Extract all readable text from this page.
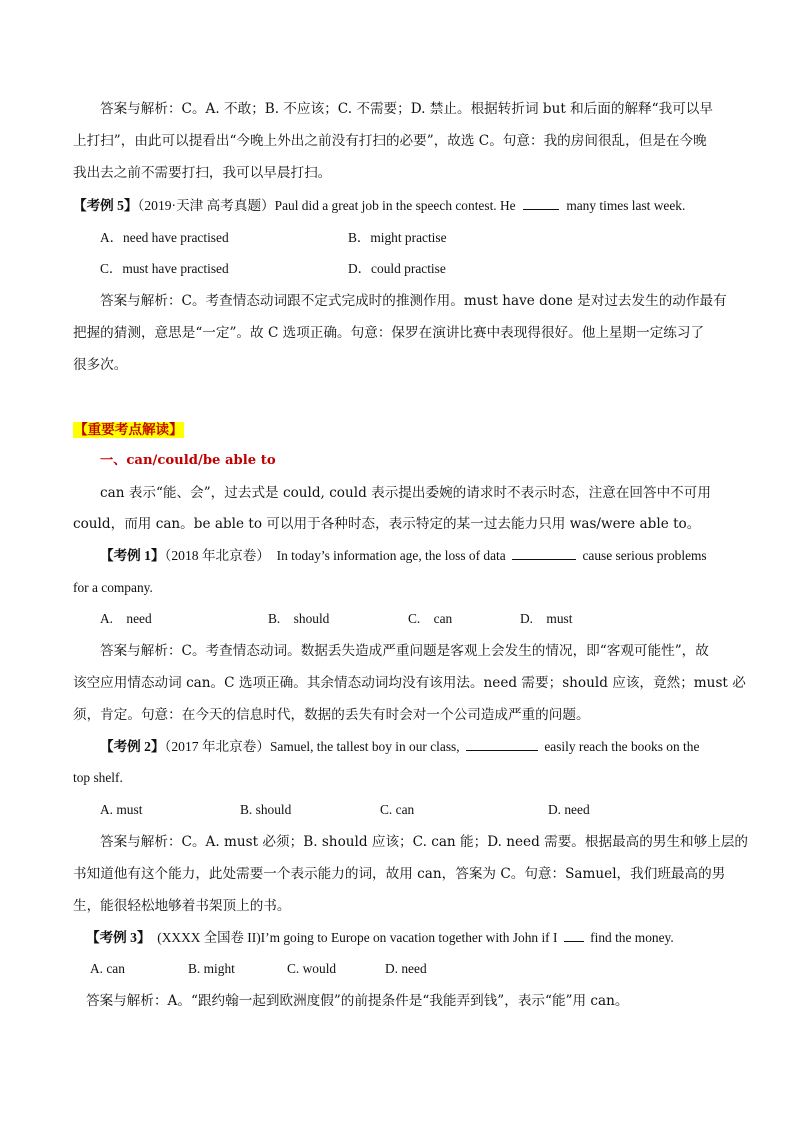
答案与解析：C。A. 不敢；B. 不应该；C. 不需要；D. 禁止。根据转折词 but 和后面的解释“我可以早
上打扫”，由此可以提看出“今晚上外出之前没有打扫的必要”，故选 C。句意：我的房间很乱，但是在今晚
我出去之前不需要打扫，我可以早晨打扫。
【考例 5】（2019·天津 高考真题）Paul did a great job in the speech contest. He	many times last week.
A．need have practised	B．might practise
C．must have practised	D．could practise
答案与解析：C。考查情态动词跟不定式完成时的推测作用。must have done 是对过去发生的动作最有
把握的猜测，意思是“一定”。故 C 选项正确。句意：保罗在演讲比赛中表现得很好。他上星期一定练习了
很多次。
【重要考点解读】
一、can/could/be able to
can 表示“能、会”，过去式是 could, could 表示提出委婉的请求时不表示时态，注意在回答中不可用
could，而用 can。be able to 可以用于各种时态，表示特定的某一过去能力只用 was/were able to。
【考例 1】（2018 年北京卷） In today’s information age, the loss of data	cause serious problems
for a company.
A.　need	B.　should	C.　can	D.　must
答案与解析：C。考查情态动词。数据丢失造成严重问题是客观上会发生的情况，即“客观可能性”，故
该空应用情态动词 can。C 选项正确。其余情态动词均没有该用法。need 需要；should 应该，竟然；must 必
须，肯定。句意：在今天的信息时代，数据的丢失有时会对一个公司造成严重的问题。
【考例 2】（2017 年北京卷）Samuel, the tallest boy in our class,	easily reach the books on the
top shelf.
A. must	B. should	C. can	D. need
答案与解析：C。A. must 必须；B. should 应该；C. can 能；D. need 需要。根据最高的男生和够上层的
书知道他有这个能力，此处需要一个表示能力的词，故用 can，答案为 C。句意：Samuel，我们班最高的男
生，能很轻松地够着书架顶上的书。
【考例 3】 (XXXX 全国卷 II)I’m going to Europe on vacation together with John if I find the money.
A. can	B. might	C. would	D. need
答案与解析：A。“跟约翰一起到欧洲度假”的前提条件是“我能弄到钱”，表示“能”用 can。
